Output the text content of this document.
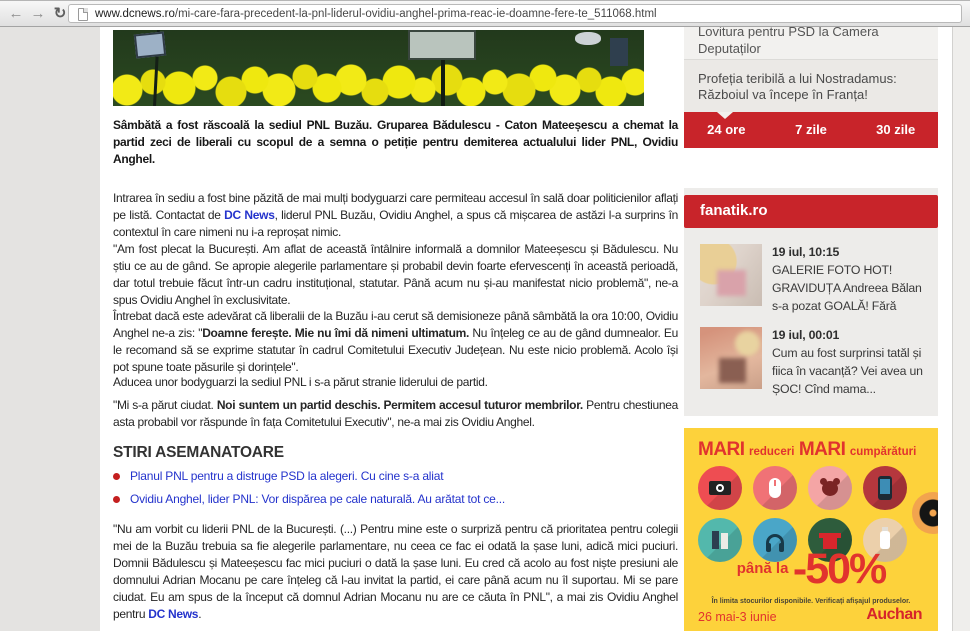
← → ↻	www.dcnews.ro/mi-care-fara-precedent-la-pnl-liderul-ovidiu-anghel-prima-reac-ie-doamne-fere-te_511068.html
Sâmbătă a fost răscoală la sediul PNL Buzău. Gruparea Bădulescu - Caton Mateeșescu a chemat la partid zeci de liberali cu scopul de a semna o petiție pentru demiterea actualului lider PNL, Ovidiu Anghel.
Intrarea în sediu a fost bine păzită de mai mulți bodyguarzi care permiteau accesul în sală doar politicienilor aflați pe listă. Contactat de DC News, liderul PNL Buzău, Ovidiu Anghel, a spus că mișcarea de astăzi l-a surprins în contextul în care nimeni nu i-a reproșat nimic.
"Am fost plecat la București. Am aflat de această întâlnire informală a domnilor Mateeșescu și Bădulescu. Nu știu ce au de gând. Se apropie alegerile parlamentare și probabil devin foarte efervescenți în această perioadă, dar totul trebuie făcut într-un cadru instituțional, statutar. Până acum nu și-au manifestat nicio problemă", ne-a spus Ovidiu Anghel în exclusivitate.
Întrebat dacă este adevărat că liberalii de la Buzău i-au cerut să demisioneze până sâmbătă la ora 10:00, Ovidiu Anghel ne-a zis: "Doamne ferește. Mie nu îmi dă nimeni ultimatum. Nu înțeleg ce au de gând dumnealor. Eu le recomand să se exprime statutar în cadrul Comitetului Executiv Județean. Nu este nicio problemă. Acolo își pot spune toate păsurile și dorințele".
Aducea unor bodyguarzi la sediul PNL i s-a părut stranie liderului de partid.
"Mi s-a părut ciudat. Noi suntem un partid deschis. Permitem accesul tuturor membrilor. Pentru chestiunea asta probabil vor răspunde în fața Comitetului Executiv", ne-a mai zis Ovidiu Anghel.
STIRI ASEMANATOARE
Planul PNL pentru a distruge PSD la alegeri. Cu cine s-a aliat
Ovidiu Anghel, lider PNL: Vor dispărea pe cale naturală. Au arătat tot ce...
"Nu am vorbit cu liderii PNL de la București. (...) Pentru mine este o surpriză pentru că prioritatea pentru colegii mei de la Buzău trebuia sa fie alegerile parlamentare, nu ceea ce fac ei odată la șase luni, adică mici puciuri. Domnii Bădulescu și Mateeșescu fac mici puciuri o dată la șase luni. Eu cred că acolo au fost niște presiuni ale domnului Adrian Mocanu pe care înțeleg că l-au invitat la partid, ei care până acum nu îl suportau. Mi se pare ciudat. Eu am spus de la început că domnul Adrian Mocanu nu are ce căuta în PNL", a mai zis Ovidiu Anghel pentru DC News.
Lovitura pentru PSD la Camera Deputaților
Profeția teribilă a lui Nostradamus: Războiul va începe în Franța!
24 ore	7 zile	30 zile
fanatik.ro
19 iul, 10:15
GALERIE FOTO HOT! GRAVIDUȚA Andreea Bălan s-a pozat GOALĂ! Fără
19 iul, 00:01
Cum au fost surprinsi tatăl și fiica în vacanță? Vei avea un ȘOC! Cînd mama...
MARI reduceri MARI cumpărături
până la -50%
În limita stocurilor disponibile. Verificați afișajul produselor.
26 mai-3 iunie	Auchan
